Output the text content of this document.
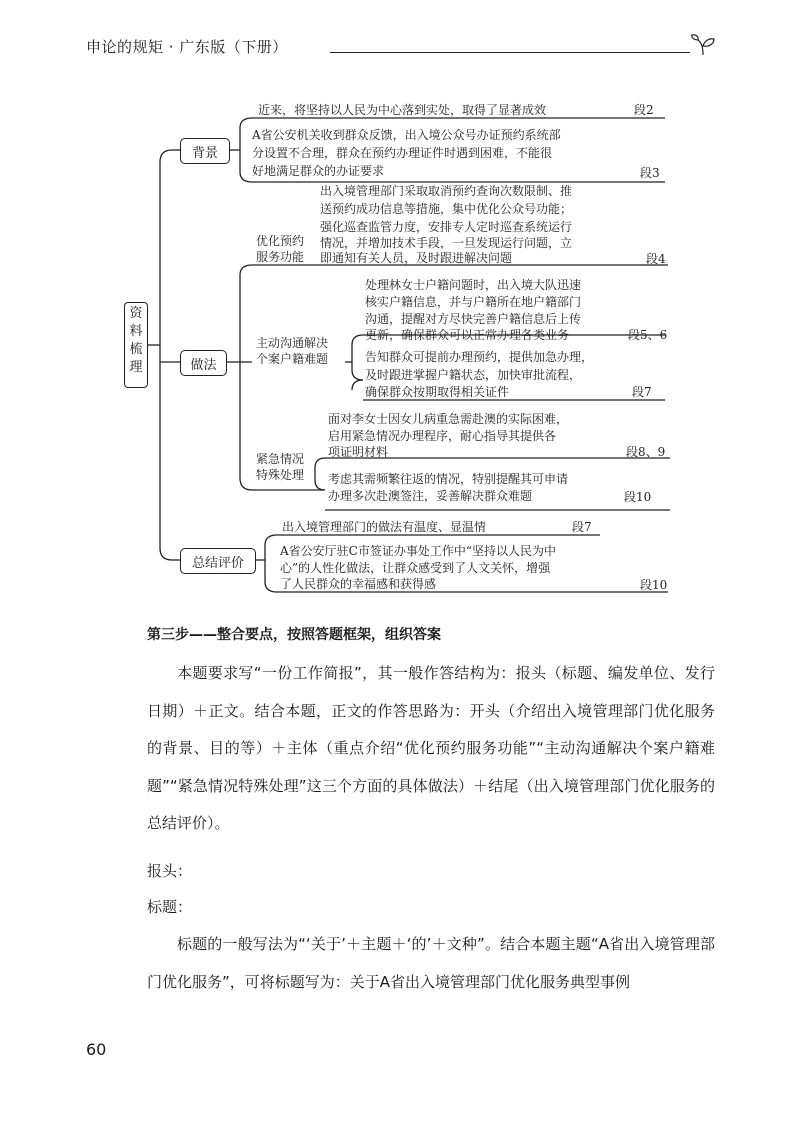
申论的规矩 · 广东版（下册）
资料梳理
背景
做法
总结评价
近来，将坚持以人民为中心落到实处，取得了显著成效	段2
A省公安机关收到群众反馈，出入境公众号办证预约系统部
分设置不合理，群众在预约办理证件时遇到困难，不能很
好地满足群众的办证要求	段3
优化预约
服务功能
出入境管理部门采取取消预约查询次数限制、推
送预约成功信息等措施，集中优化公众号功能；
强化巡查监管力度，安排专人定时巡查系统运行
情况，并增加技术手段，一旦发现运行问题，立
即通知有关人员，及时跟进解决问题	段4
主动沟通解决
个案户籍难题
处理林女士户籍问题时，出入境大队迅速
核实户籍信息，并与户籍所在地户籍部门
沟通，提醒对方尽快完善户籍信息后上传
更新，确保群众可以正常办理各类业务	段5、6
告知群众可提前办理预约，提供加急办理，
及时跟进掌握户籍状态，加快审批流程，
确保群众按期取得相关证件	段7
紧急情况
特殊处理
面对李女士因女儿病重急需赴澳的实际困难，
启用紧急情况办理程序，耐心指导其提供各
项证明材料	段8、9
考虑其需频繁往返的情况，特别提醒其可申请
办理多次赴澳签注，妥善解决群众难题	段10
出入境管理部门的做法有温度、显温情	段7
A省公安厅驻C市签证办事处工作中“坚持以人民为中
心”的人性化做法，让群众感受到了人文关怀，增强
了人民群众的幸福感和获得感	段10
第三步——整合要点，按照答题框架，组织答案
本题要求写“一份工作简报”，其一般作答结构为：报头（标题、编发单位、发行日期）＋正文。结合本题，正文的作答思路为：开头（介绍出入境管理部门优化服务的背景、目的等）＋主体（重点介绍“优化预约服务功能”“主动沟通解决个案户籍难题”“紧急情况特殊处理”这三个方面的具体做法）＋结尾（出入境管理部门优化服务的总结评价）。
报头：
标题：
标题的一般写法为“‘关于’＋主题＋‘的’＋文种”。结合本题主题“A省出入境管理部门优化服务”，可将标题写为：关于A省出入境管理部门优化服务典型事例
60
